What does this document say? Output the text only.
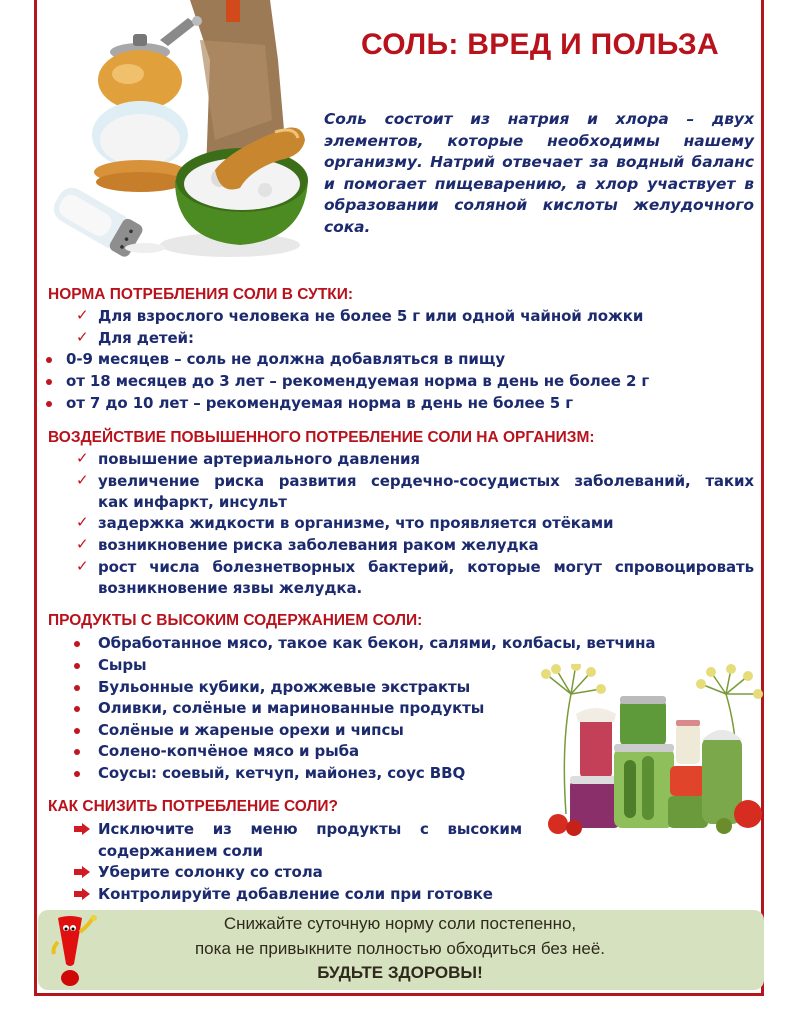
СОЛЬ: ВРЕД И ПОЛЬЗА
Соль состоит из натрия и хлора – двух элементов, которые необходимы нашему организму. Натрий отвечает за водный баланс и помогает пищеварению, а хлор участвует в образовании соляной кислоты желудочного сока.
НОРМА ПОТРЕБЛЕНИЯ СОЛИ В СУТКИ:
✓ Для взрослого человека не более 5 г или одной чайной ложки
✓ Для детей:
0-9 месяцев – соль не должна добавляться в пищу
от 18 месяцев до 3 лет – рекомендуемая норма в день не более 2 г
от 7 до 10 лет – рекомендуемая норма в день не более 5 г
ВОЗДЕЙСТВИЕ ПОВЫШЕННОГО ПОТРЕБЛЕНИЕ СОЛИ НА ОРГАНИЗМ:
✓ повышение артериального давления
✓ увеличение риска развития сердечно-сосудистых заболеваний, таких
как инфаркт, инсульт
✓ задержка жидкости в организме, что проявляется отёками
✓ возникновение риска заболевания раком желудка
✓ рост числа болезнетворных бактерий, которые могут спровоцировать
возникновение язвы желудка.
ПРОДУКТЫ С ВЫСОКИМ СОДЕРЖАНИЕМ СОЛИ:
Обработанное мясо, такое как бекон, салями, колбасы, ветчина
Сыры
Бульонные кубики, дрожжевые экстракты
Оливки, солёные и маринованные продукты
Солёные и жареные орехи и чипсы
Солено-копчёное мясо и рыба
Соусы: соевый, кетчуп, майонез, соус BBQ
КАК СНИЗИТЬ ПОТРЕБЛЕНИЕ СОЛИ?
Исключите из меню продукты с высоким
содержанием соли
Уберите солонку со стола
Контролируйте добавление соли при готовке
Снижайте суточную норму соли постепенно,
пока не привыкните полностью обходиться без неё.
БУДЬТЕ ЗДОРОВЫ!
